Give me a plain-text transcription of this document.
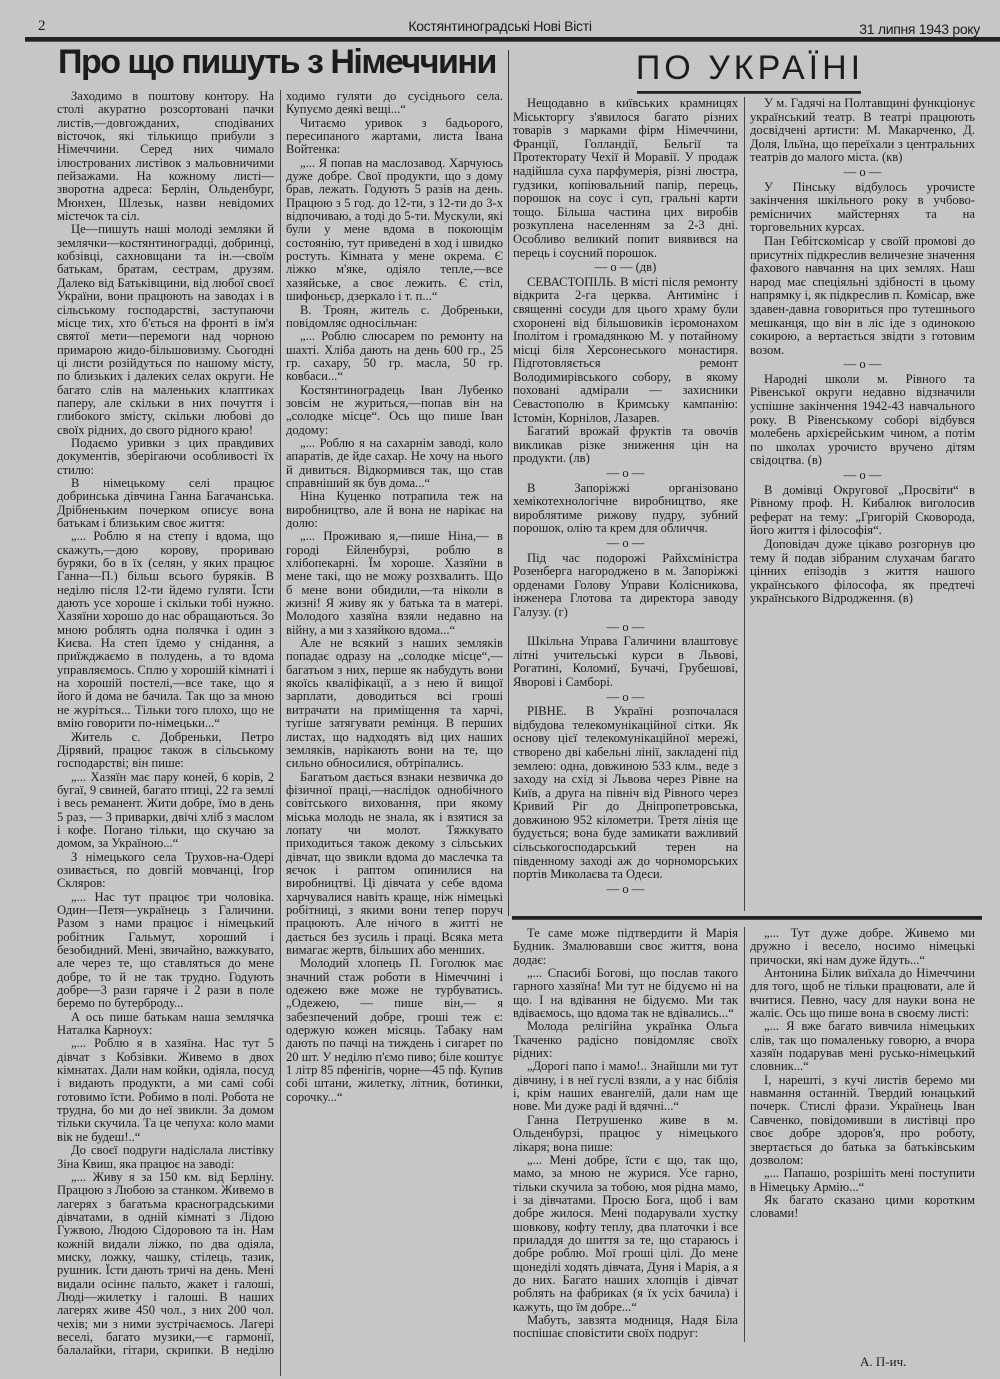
2	Костянтиноградські Нові Вісті	31 липня 1943 року
Про що пишуть з Німеччини	ПО УКРАЇНІ

Заходимо в поштову контору. На столі акуратно розсортовані пачки листів,—довгожданих, сподіваних вісточок, які тількищо прибули з Німеччини. Серед них чимало ілюстрованих листівок з мальовничими пейзажами. На кожному листі—зворотна адреса: Берлін, Ольденбург, Мюнхен, Шлезьк, назви невідомих містечок та сіл.

Це—пишуть наші молоді земляки й землячки—костянтиноградці, добринці, кобзівці, сахновщани та ін.—своїм батькам, братам, сестрам, друзям. Далеко від Батьківщини, від любої своєї України, вони працюють на заводах і в сільському господарстві, заступаючи місце тих, хто б'ється на фронті в ім'я святої мети—перемоги над чорною примарою жидо-більшовизму. Сьогодні ці листи розійдуться по нашому місту, по близьких і далеких селах округи. Не багато слів на маленьких клаптиках паперу, але скільки в них почуття і глибокого змісту, скільки любові до своїх рідних, до свого рідного краю!

Подаємо уривки з цих правдивих документів, зберігаючи особливості їх стилю:

В німецькому селі працює добринська дівчина Ганна Багачанська. Дрібненьким почерком описує вона батькам і близьким своє життя:

„... Роблю я на степу і вдома, що скажуть,—дою корову, проривaю буряки, бо в їх (селян, у яких працює Ганна—П.) більш всього буряків. В неділю після 12-ти йдемо гуляти. Їсти дають усе хороше і скільки тобі нужно. Хазяїни хорошо до нас обращаються. Зо мною роблять одна полячка і один з Києва. На степ їдемо у снідання, а приїжджаємо в полудень, а то вдома управляємось. Сплю у хорошій кімнаті і на хорошій постелі,—все таке, що я його й дома не бачила. Так що за мною не журіться... Тільки того плохо, що не вмію говорити по-німецьки...“

Житель с. Добреньки, Петро Дірявий, працює також в сільському господарстві; він пише:

„... Хазяїн має пару коней, 6 корів, 2 бугаї, 9 свиней, багато птиці, 22 га землі і весь реманент. Жити добре, їмо в день 5 раз, — 3 приварки, двічі хліб з маслом і кофе. Погано тільки, що скучаю за домом, за Україною...“

З німецького села Трухов-на-Одері озивається, по довгій мовчанці, Ігор Скляров:

„... Нас тут працює три чоловіка. Один—Петя—українець з Галичини. Разом з нами працює і німецький робітник Гальмут, хороший і безобидний. Мені, звичайно, важкувато, але через те, що ставляться до мене добре, то й не так трудно. Годують добре—3 рази гаряче і 2 рази в поле беремо по бутерброду...

А ось пише батькам наша землячка Наталка Карноух:

„... Роблю я в хазяїна. Нас тут 5 дівчат з Кобзівки. Живемо в двох кімнатах. Дали нам койки, одіяла, посуд і видають продукти, а ми самі собі готовимо їсти. Робимо в полі. Робота не трудна, бо ми до неї звикли. За домом тільки скучила. Та це чепуха: коло мами вік не будеш!..“

До своєї подруги надіслала листівку Зіна Квиш, яка працює на заводі:

„... Живу я за 150 км. від Берліну. Працюю з Любою за станком. Живемо в лагерях з багатьма красноградськими дівчатами, в одній кімнаті з Лідою Гужвою, Людою Сідоровою та ін. Нам кожній видали ліжко, по два одіяла, миску, ложку, чашку, стілець, тазик, рушник. Їсти дають тричі на день. Мені видали осіннє пальто, жакет і галоші, Люді—жилетку і галоші. В наших лагерях живе 450 чол., з них 200 чол. чехів; ми з ними зустрічаємось. Лагері веселі, багато музики,—є гармонії, балалайки, гітари, скрипки. В неділю ходимо гуляти до сусіднього села. Купуємо деякі вещі...“

Читаємо уривок з бадьорого, пересипаного жартами, листа Івана Войтенка:

„... Я попав на маслозавод. Харчуюсь дуже добре. Свої продукти, що з дому брав, лежать. Годують 5 разів на день. Працюю з 5 год. до 12-ти, з 12-ти до 3-х відпочиваю, а тоді до 5-ти. Мускули, які були у мене вдома в покоющім состоянію, тут приведені в ход і швидко ростуть. Кімната у мене окрема. Є ліжко м'яке, одіяло тепле,—все хазяйське, а своє лежить. Є стіл, шифоньєр, дзеркало і т. п...“

В. Троян, житель с. Добреньки, повідомляє односільчан:

„... Роблю слюсарем по ремонту на шахті. Хліба дають на день 600 гр., 25 гр. сахару, 50 гр. масла, 50 гр. ковбаси...“

Костянтиноградець Іван Лубенко зовсім не журиться,—попав він на „солодке місце“. Ось що пише Іван додому:

„... Роблю я на сахарнім заводі, коло апаратів, де йде сахар. Не хочу на нього й дивиться. Відкормився так, що став справніший як був дома...“

Ніна Куценко потрапила теж на виробництво, але й вона не нарікає на долю:

„... Проживаю я,—пише Ніна,— в городі Ейленбурзі, роблю в хлібопекарні. Їм хороше. Хазяїни в мене такі, що не можу розхвалить. Що б мене вони обидили,—та ніколи в жизні! Я живу як у батька та в матері. Молодого хазяїна взяли недавно на війну, а ми з хазяйкою вдома...“

Але не всякий з наших земляків попадає одразу на „солодке місце“,—багатьом з них, перше як набудуть вони якоїсь кваліфікації, а з нею й вищої зарплати, доводиться всі гроші витрачати на приміщення та харчі, тугіше затягувати ремінця. В перших листах, що надходять від цих наших земляків, нарікають вони на те, що сильно обносилися, обтріпались.

Багатьом дається взнаки незвичка до фізичної праці,—наслідок однобічного совітського виховання, при якому міська молодь не знала, як і взятися за лопату чи молот. Тяжкувато приходиться також декому з сільських дівчат, що звикли вдома до маслечка та яєчок і раптом опинилися на виробництві. Ці дівчата у себе вдома харчувалися навіть краще, ніж німецькі робітниці, з якими вони тепер поруч працюють. Але нічого в житті не дається без зусиль і праці. Всяка мета вимагає жертв, більших або менших.

Молодий хлопець П. Гоголюк має значний стаж роботи в Німеччині і одежею вже може не турбуватись. „Одежею, — пише він,— я забезпечений добре, гроші теж є: одержую кожен місяць. Табаку нам дають по пачці на тиждень і сигарет по 20 шт. У неділю п'ємо пиво; біле коштує 1 літр 85 пфенігів, чорне—45 пф. Купив собі штани, жилетку, літник, ботинки, сорочку...“

Нещодавно в київських крамницях Міськторгу з'явилося багато різних товарів з марками фірм Німеччини, Франції, Голландії, Бельгії та Протекторату Чехії й Моравії. У продаж надійшла суха парфумерія, різні люстра, гудзики, копіювальний папір, перець, порошок на соус і суп, гральні карти тощо. Більша частина цих виробів розкуплена населенням за 2-3 дні. Особливо великий попит виявився на перець і соусний порошок.

— о — (дв)

СЕВАСТОПІЛЬ. В місті після ремонту відкрита 2-га церква. Антимінс і священні сосуди для цього храму були схоронені від більшовиків ієромонахом Іполітом і громадянкою М. у потайному місці біля Херсонеського монастиря. Підготовляється ремонт Володимирівського собору, в якому поховані адмірали — захисники Севастополю в Кримську кампанію: Істомін, Корнілов, Лазарев.

Багатий врожай фруктів та овочів викликав різке зниження цін на продукти. (лв)

— о —

В Запоріжжі організовано хемікотехнологічне виробництво, яке вироблятиме рижову пудру, зубний порошок, олію та крем для обличчя.

— о —

Під час подорожі Райхсміністра Розенберга нагороджено в м. Запоріжжі орденами Голову Управи Колісникова, інженера Глотова та директора заводу Галузу. (г)

— о —

Шкільна Управа Галичини влаштовує літні учительські курси в Львові, Рогатині, Коломиї, Бучачі, Грубешові, Яворові і Самборі.

— о —

РІВНЕ. В Україні розпочалася відбудова телекомунікаційної сітки. Як основу цієї телекомунікаційної мережі, створено дві кабельні лінії, закладені під землею: одна, довжиною 533 клм., веде з заходу на схід зі Львова через Рівне на Київ, а друга на північ від Рівного через Кривий Ріг до Дніпропетровська, довжиною 952 кілометри. Третя лінія ще будується; вона буде замикати важливий сільськогосподарський терен на південному заході аж до чорноморських портів Миколаєва та Одеси.

— о —

У м. Гадячі на Полтавщині функціонує український театр. В театрі працюють досвідчені артисти: М. Макарченко, Д. Доля, Ільїна, що переїхали з центральних театрів до малого міста. (кв)

— о —

У Пінську відбулось урочисте закінчення шкільного року в учбово-ремісничих майстернях та на торговельних курсах.

Пан Гебітскомісар у своїй промові до присутніх підкреслив величезне значення фахового навчання на цих землях. Наш народ має спеціяльні здібності в цьому напрямку і, як підкреслив п. Комісар, вже здавен-давна говориться про тутешнього мешканця, що він в ліс іде з одинокою сокирою, а вертається звідти з готовим возом.

— о —

Народні школи м. Рівного та Рівенської округи недавно відзначили успішне закінчення 1942-43 навчального року. В Рівенському соборі відбувся молебень архієрейським чином, а потім по школах урочисто вручено дітям свідоцтва. (в)

— о —

В домівці Округової „Просвіти“ в Рівному проф. Н. Кибалюк виголосив реферат на тему: „Григорій Сковорода, його життя і філософія“.

Доповідач дуже цікаво розгорнув цю тему й подав зібраним слухачам багато цінних епізодів з життя нашого українського філософа, як предтечі українського Відродження. (в)

Те саме може підтвердити й Марія Будник. Змалювавши своє життя, вона додає:

„... Спасибі Богові, що послав такого гарного хазяїна! Ми тут не бідуємо ні на що. І на вдівання не бідуємо. Ми так вдіваємось, що вдома так не вдівались...“

Молода релігійна українка Ольга Ткаченко радісно повідомляє своїх рідних:

„Дорогі папо і мамо!.. Знайшли ми тут дівчину, і в неї гуслі взяли, а у нас біблія і, крім наших евангелій, дали нам ще нове. Ми дуже раді й вдячні...“

Ганна Петрушенко живе в м. Ольденбурзі, працює у німецького лікаря; вона пише:

„... Мені добре, їсти є що, так що, мамо, за мною не журися. Усе гарно, тільки скучила за тобою, моя рідна мамо, і за дівчатами. Просю Бога, щоб і вам добре жилося. Мені подарували хустку шовкову, кофту теплу, два платочки і все приладдя до шиття за те, що стараюсь і добре роблю. Мої гроші цілі. До мене щонеділі ходять дівчата, Дуня і Марія, а я до них. Багато наших хлопців і дівчат роблять на фабриках (я їх усіх бачила) і кажуть, що їм добре...“

Мабуть, завзята модниця, Надя Біла поспішає сповістити своїх подруг:

„... Тут дуже добре. Живемо ми дружно і весело, носимо німецькі причоски, які нам дуже йдуть...“

Антонина Білик виїхала до Німеччини для того, щоб не тільки працювати, але й вчитися. Певно, часу для науки вона не жаліє. Ось що пише вона в своєму листі:

„... Я вже багато вивчила німецьких слів, так що помаленьку говорю, а вчора хазяїн подарував мені русько-німецький словник...“

І, нарешті, з кучі листів беремо ми навмання останній. Твердий юнацький почерк. Стислі фрази. Українець Іван Савченко, повідомивши в листівці про своє добре здоров'я, про роботу, звертається до батька за батьківським дозволом:

„... Папашо, розрішіть мені поступити в Німецьку Армію...“

Як багато сказано цими коротким словами!

А. П-ич.
